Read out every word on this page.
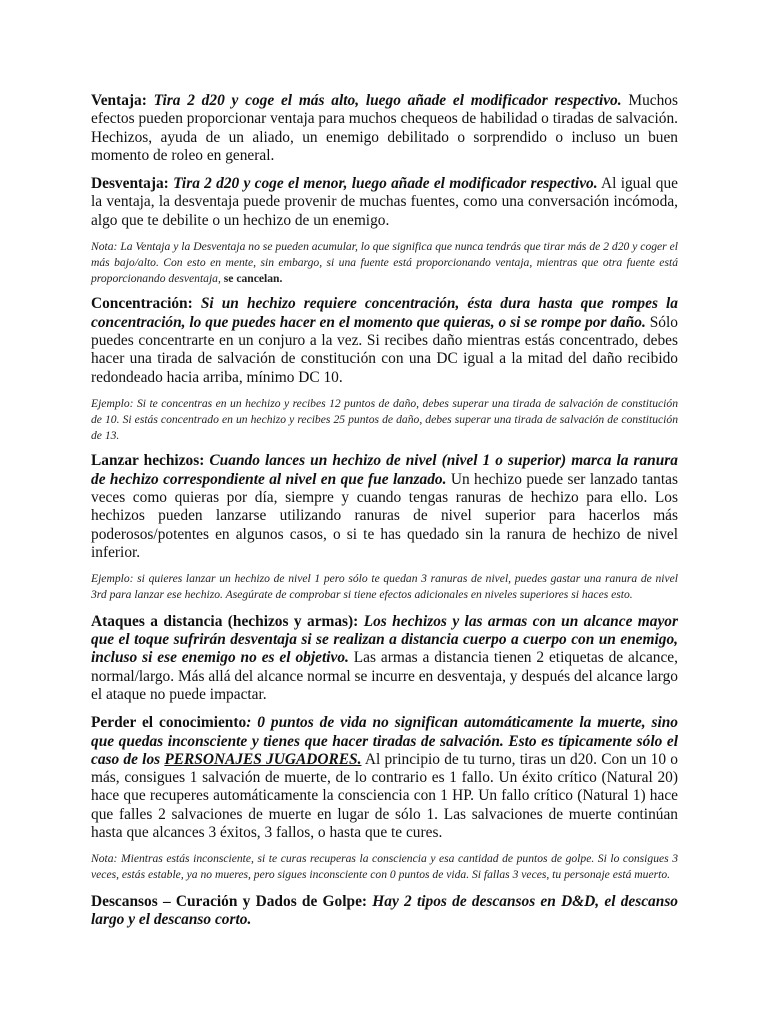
Ventaja: Tira 2 d20 y coge el más alto, luego añade el modificador respectivo. Muchos efectos pueden proporcionar ventaja para muchos chequeos de habilidad o tiradas de salvación. Hechizos, ayuda de un aliado, un enemigo debilitado o sorprendido o incluso un buen momento de roleo en general.

Desventaja: Tira 2 d20 y coge el menor, luego añade el modificador respectivo. Al igual que la ventaja, la desventaja puede provenir de muchas fuentes, como una conversación incómoda, algo que te debilite o un hechizo de un enemigo.

Nota: La Ventaja y la Desventaja no se pueden acumular, lo que significa que nunca tendrás que tirar más de 2 d20 y coger el más bajo/alto. Con esto en mente, sin embargo, si una fuente está proporcionando ventaja, mientras que otra fuente está proporcionando desventaja, se cancelan.

Concentración: Si un hechizo requiere concentración, ésta dura hasta que rompes la concentración, lo que puedes hacer en el momento que quieras, o si se rompe por daño. Sólo puedes concentrarte en un conjuro a la vez. Si recibes daño mientras estás concentrado, debes hacer una tirada de salvación de constitución con una DC igual a la mitad del daño recibido redondeado hacia arriba, mínimo DC 10.

Ejemplo: Si te concentras en un hechizo y recibes 12 puntos de daño, debes superar una tirada de salvación de constitución de 10. Si estás concentrado en un hechizo y recibes 25 puntos de daño, debes superar una tirada de salvación de constitución de 13.

Lanzar hechizos: Cuando lances un hechizo de nivel (nivel 1 o superior) marca la ranura de hechizo correspondiente al nivel en que fue lanzado. Un hechizo puede ser lanzado tantas veces como quieras por día, siempre y cuando tengas ranuras de hechizo para ello. Los hechizos pueden lanzarse utilizando ranuras de nivel superior para hacerlos más poderosos/potentes en algunos casos, o si te has quedado sin la ranura de hechizo de nivel inferior.

Ejemplo: si quieres lanzar un hechizo de nivel 1 pero sólo te quedan 3 ranuras de nivel, puedes gastar una ranura de nivel 3rd para lanzar ese hechizo. Asegúrate de comprobar si tiene efectos adicionales en niveles superiores si haces esto.

Ataques a distancia (hechizos y armas): Los hechizos y las armas con un alcance mayor que el toque sufrirán desventaja si se realizan a distancia cuerpo a cuerpo con un enemigo, incluso si ese enemigo no es el objetivo. Las armas a distancia tienen 2 etiquetas de alcance, normal/largo. Más allá del alcance normal se incurre en desventaja, y después del alcance largo el ataque no puede impactar.

Perder el conocimiento: 0 puntos de vida no significan automáticamente la muerte, sino que quedas inconsciente y tienes que hacer tiradas de salvación. Esto es típicamente sólo el caso de los PERSONAJES JUGADORES. Al principio de tu turno, tiras un d20. Con un 10 o más, consigues 1 salvación de muerte, de lo contrario es 1 fallo. Un éxito crítico (Natural 20) hace que recuperes automáticamente la consciencia con 1 HP. Un fallo crítico (Natural 1) hace que falles 2 salvaciones de muerte en lugar de sólo 1. Las salvaciones de muerte continúan hasta que alcances 3 éxitos, 3 fallos, o hasta que te cures.

Nota: Mientras estás inconsciente, si te curas recuperas la consciencia y esa cantidad de puntos de golpe. Si lo consigues 3 veces, estás estable, ya no mueres, pero sigues inconsciente con 0 puntos de vida. Si fallas 3 veces, tu personaje está muerto.

Descansos – Curación y Dados de Golpe: Hay 2 tipos de descansos en D&D, el descanso largo y el descanso corto.
